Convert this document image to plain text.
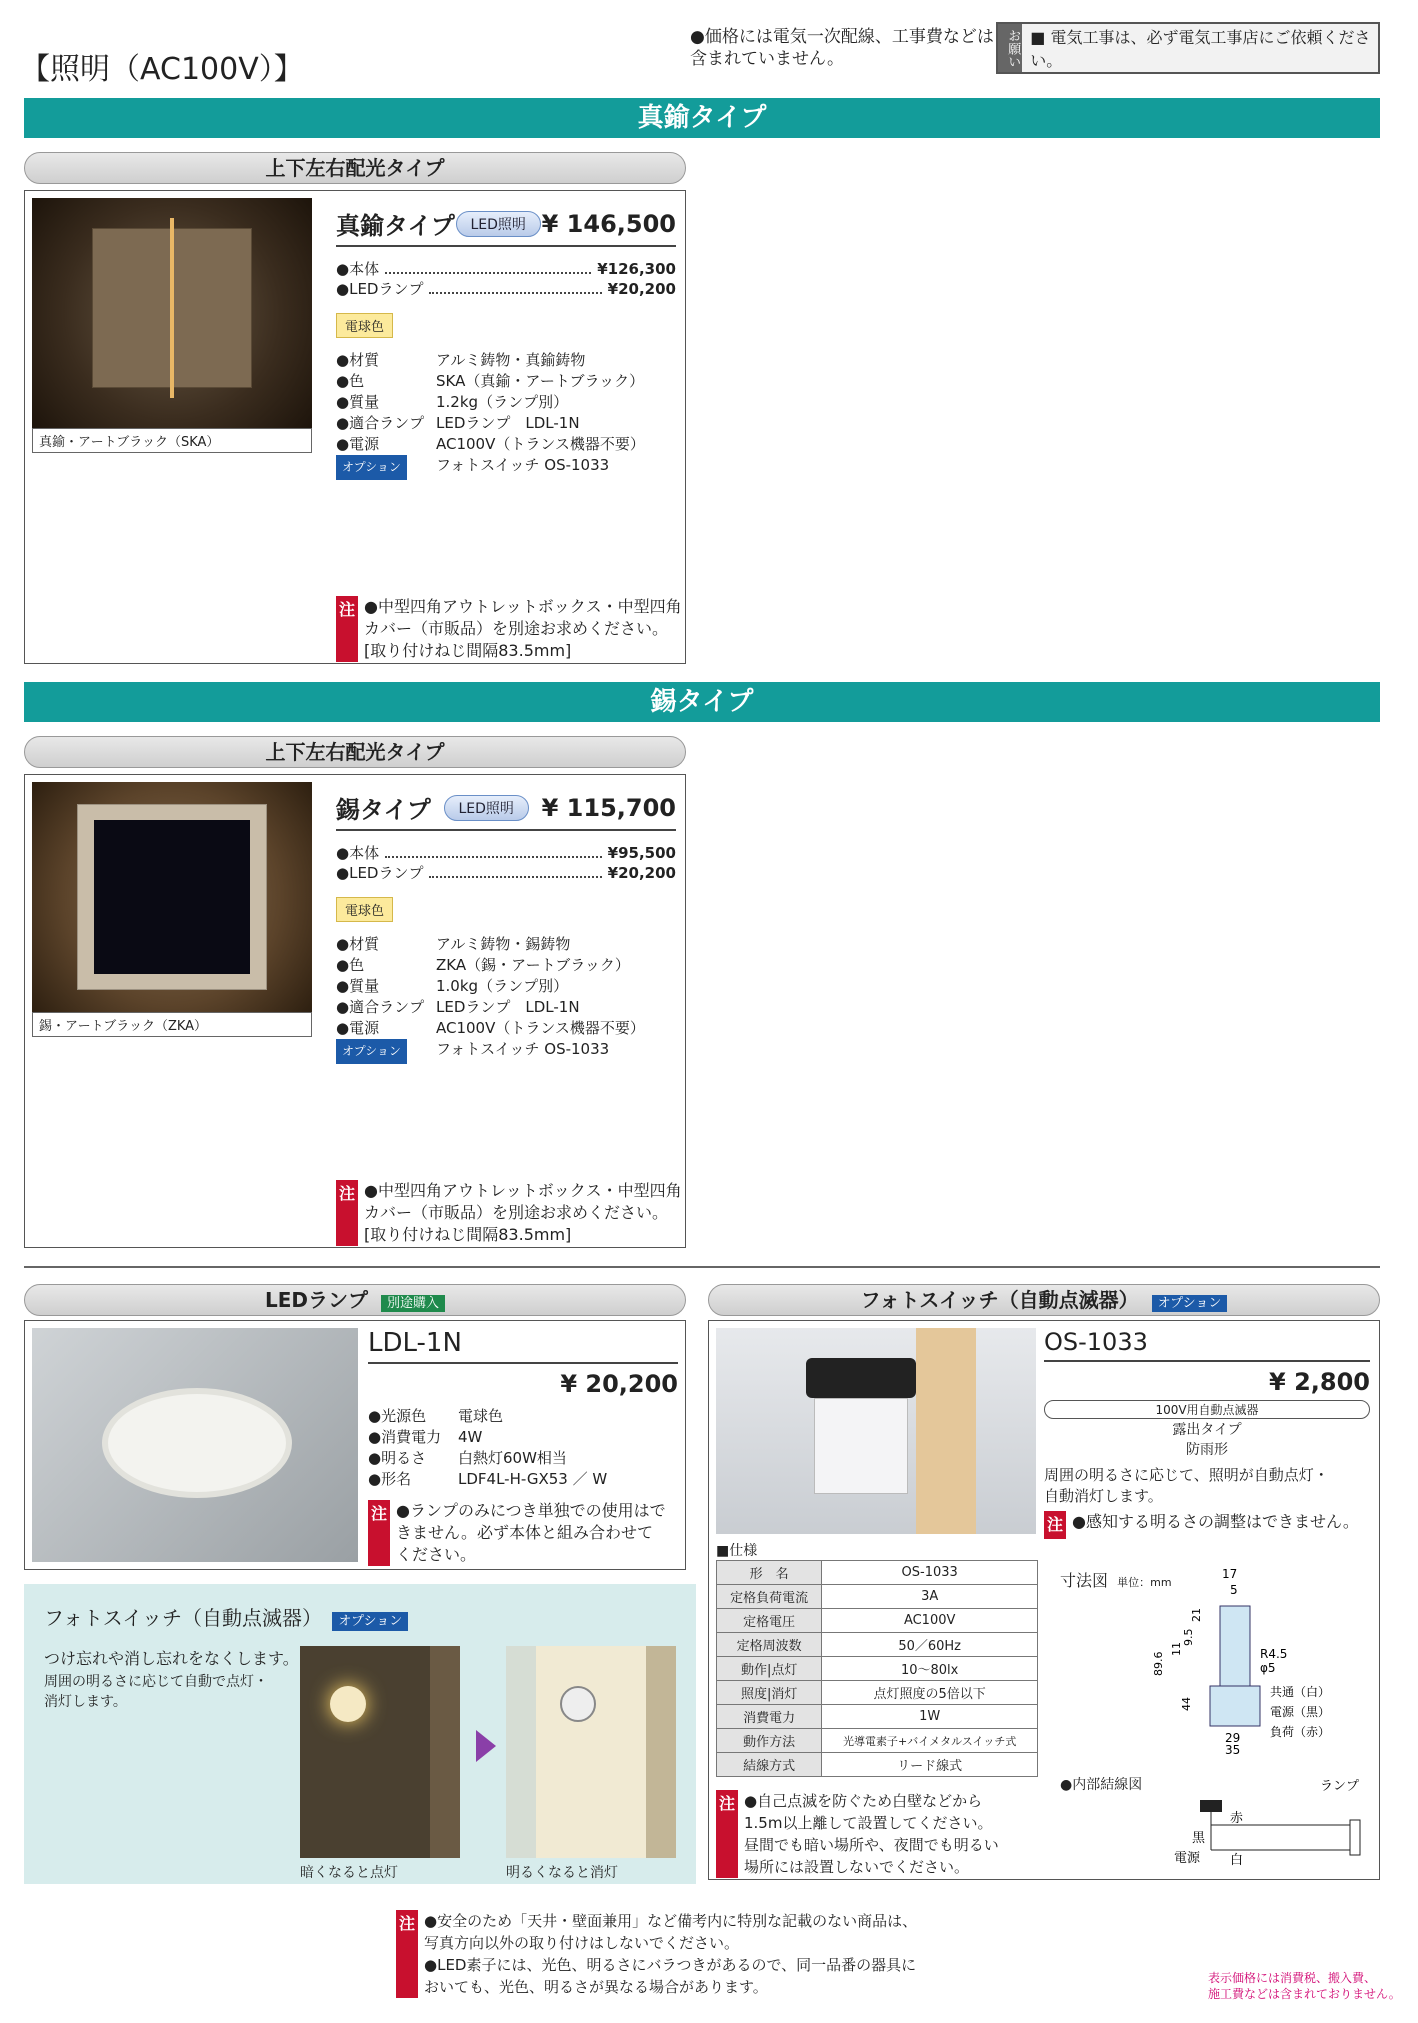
【照明（AC100V）】
●価格には電気一次配線、工事費などは
含まれていません。	お願い ■ 電気工事は、必ず電気工事店にご依頼ください。
真鍮タイプ
上下左右配光タイプ
真鍮・アートブラック（SKA）
真鍮タイプ	LED照明 ¥ 146,500
●本体	¥126,300
●LEDランプ	¥20,200
電球色
●材質	アルミ鋳物・真鍮鋳物
●色	SKA（真鍮・アートブラック）
●質量	1.2kg（ランプ別）
●適合ランプ LEDランプ　LDL-1N
●電源	AC100V（トランス機器不要）
オプション	フォトスイッチ OS-1033
注 ●中型四角アウトレットボックス・中型四角
カバー（市販品）を別途お求めください。
[取り付けねじ間隔83.5mm]
錫タイプ
上下左右配光タイプ
錫・アートブラック（ZKA）
錫タイプ	LED照明	¥ 115,700
●本体	¥95,500
●LEDランプ	¥20,200
電球色
●材質	アルミ鋳物・錫鋳物
●色	ZKA（錫・アートブラック）
●質量	1.0kg（ランプ別）
●適合ランプ LEDランプ　LDL-1N
●電源	AC100V（トランス機器不要）
オプション	フォトスイッチ OS-1033
注 ●中型四角アウトレットボックス・中型四角
カバー（市販品）を別途お求めください。
[取り付けねじ間隔83.5mm]
LEDランプ 別途購入
LDL-1N
¥ 20,200
●光源色	電球色
●消費電力	4W
●明るさ	白熱灯60W相当
●形名	LDF4L-H-GX53 ／ W
注 ●ランプのみにつき単独での使用はで
きません。必ず本体と組み合わせて
ください。
フォトスイッチ（自動点滅器） オプション
つけ忘れや消し忘れをなくします。
周囲の明るさに応じて自動で点灯・
消灯します。
暗くなると点灯	明るくなると消灯
フォトスイッチ（自動点滅器） オプション
OS-1033
¥ 2,800
100V用自動点滅器
露出タイプ
防雨形
周囲の明るさに応じて、照明が自動点灯・
自動消灯します。
注 ●感知する明るさの調整はできません。
■仕様
形　名	OS-1033
定格負荷電流	3A
定格電圧	AC100V
定格周波数	50／60Hz
動作|点灯	10〜80lx
照度|消灯	点灯照度の5倍以下
消費電力	1W
動作方法	光導電素子+バイメタルスイッチ式
結線方式	リード線式
寸法図 単位：mm
17
5
21
11
9.5
89.6
44
R4.5
φ5
29
35
共通（白）
電源（黒）
負荷（赤）
●内部結線図	ランプ
赤
黒
白
電源
注 ●自己点滅を防ぐため白壁などから
1.5m以上離して設置してください。
昼間でも暗い場所や、夜間でも明るい
場所には設置しないでください。
注 ●安全のため「天井・壁面兼用」など備考内に特別な記載のない商品は、
写真方向以外の取り付けはしないでください。
●LED素子には、光色、明るさにバラつきがあるので、同一品番の器具に
おいても、光色、明るさが異なる場合があります。	表示価格には消費税、搬入費、
施工費などは含まれておりません。
